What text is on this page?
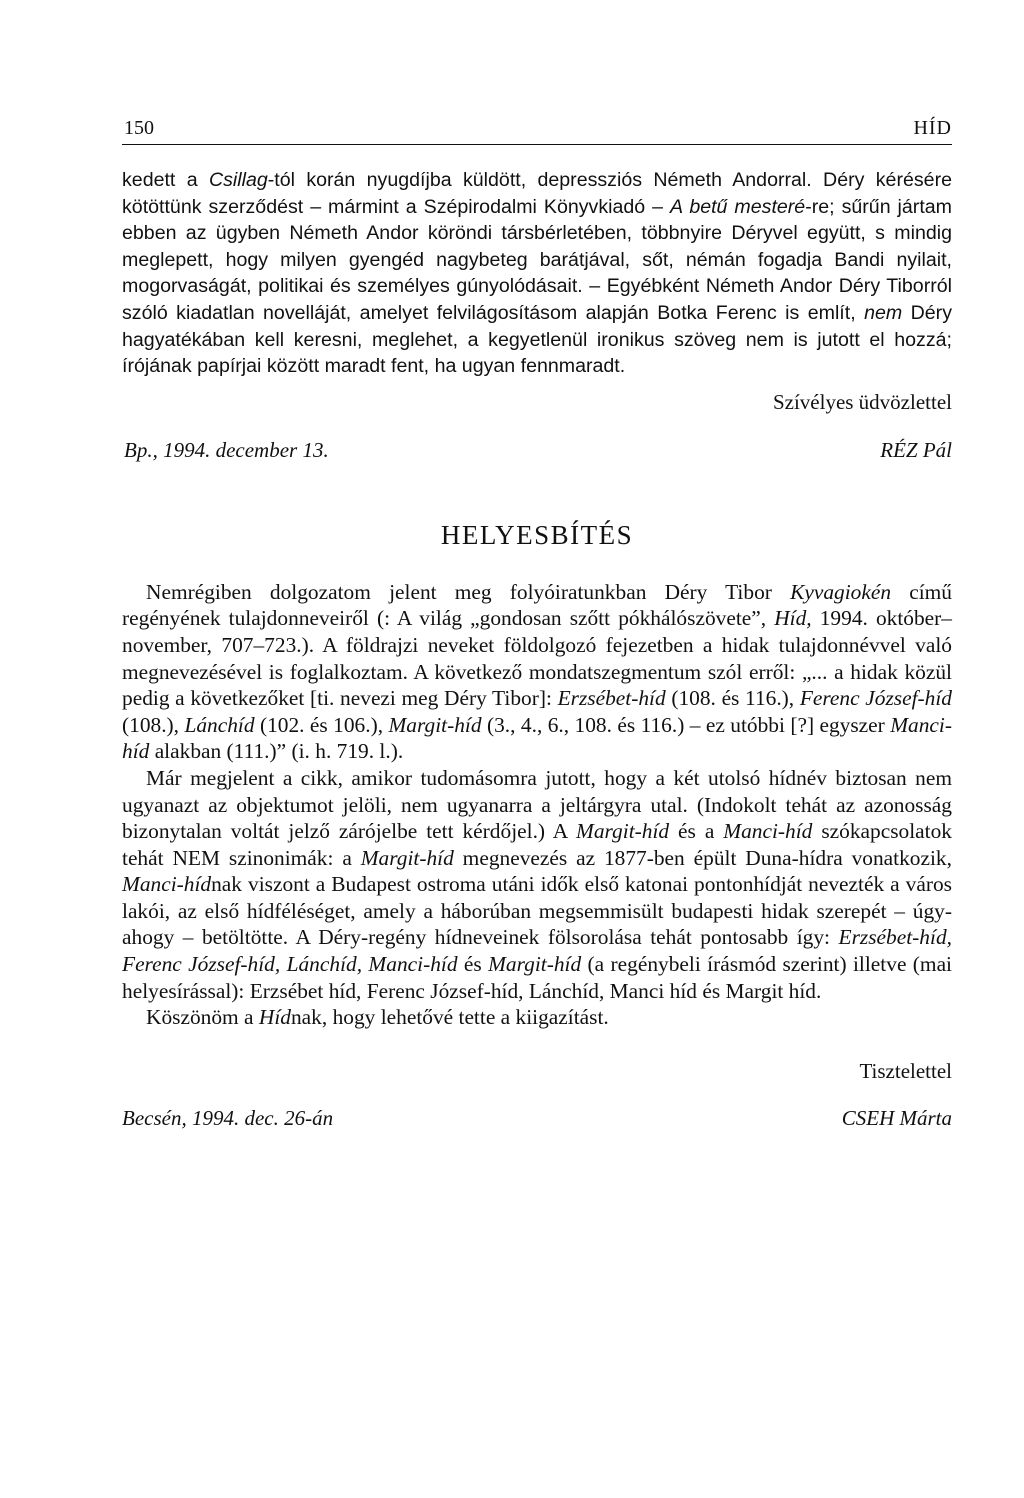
150	HÍD

kedett a Csillag-tól korán nyugdíjba küldött, depressziós Németh Andorral. Déry kérésére kötöttünk szerződést – mármint a Szépirodalmi Könyvkiadó – A betű mesteré-re; sűrűn jártam ebben az ügyben Németh Andor köröndi társbérletében, többnyire Déryvel együtt, s mindig meglepett, hogy milyen gyengéd nagybeteg barátjával, sőt, némán fogadja Bandi nyilait, mogorvaságát, politikai és személyes gúnyolódásait. – Egyébként Németh Andor Déry Tiborról szóló kiadatlan novelláját, amelyet felvilágosításom alapján Botka Ferenc is említ, nem Déry hagyatékában kell keresni, meglehet, a kegyetlenül ironikus szöveg nem is jutott el hozzá; írójának papírjai között maradt fent, ha ugyan fennmaradt.

Szívélyes üdvözlettel
Bp., 1994. december 13.	RÉZ Pál
HELYESBÍTÉS

Nemrégiben dolgozatom jelent meg folyóiratunkban Déry Tibor Kyvagiokén című regényének tulajdonneveiről (: A világ „gondosan szőtt pókhálószövete”, Híd, 1994. október–november, 707–723.). A földrajzi neveket földolgozó fejezetben a hidak tulajdonnévvel való megnevezésével is foglalkoztam. A következő mondatszegmentum szól erről: „... a hidak közül pedig a következőket [ti. nevezi meg Déry Tibor]: Erzsébet-híd (108. és 116.), Ferenc József-híd (108.), Lánchíd (102. és 106.), Margit-híd (3., 4., 6., 108. és 116.) – ez utóbbi [?] egyszer Manci-híd alakban (111.)” (i. h. 719. l.).

Már megjelent a cikk, amikor tudomásomra jutott, hogy a két utolsó hídnév biztosan nem ugyanazt az objektumot jelöli, nem ugyanarra a jeltárgyra utal. (Indokolt tehát az azonosság bizonytalan voltát jelző zárójelbe tett kérdőjel.) A Margit-híd és a Manci-híd szókapcsolatok tehát NEM szinonimák: a Margit-híd megnevezés az 1877-ben épült Duna-hídra vonatkozik, Manci-hídnak viszont a Budapest ostroma utáni idők első katonai pontonhídját nevezték a város lakói, az első hídféléséget, amely a háborúban megsemmisült budapesti hidak szerepét – úgy-ahogy – betöltötte. A Déry-regény hídneveinek fölsorolása tehát pontosabb így: Erzsébet-híd, Ferenc József-híd, Lánchíd, Manci-híd és Margit-híd (a regénybeli írásmód szerint) illetve (mai helyesírással): Erzsébet híd, Ferenc József-híd, Lánchíd, Manci híd és Margit híd.

Köszönöm a Hídnak, hogy lehetővé tette a kiigazítást.

Tisztelettel
Becsén, 1994. dec. 26-án	CSEH Márta
